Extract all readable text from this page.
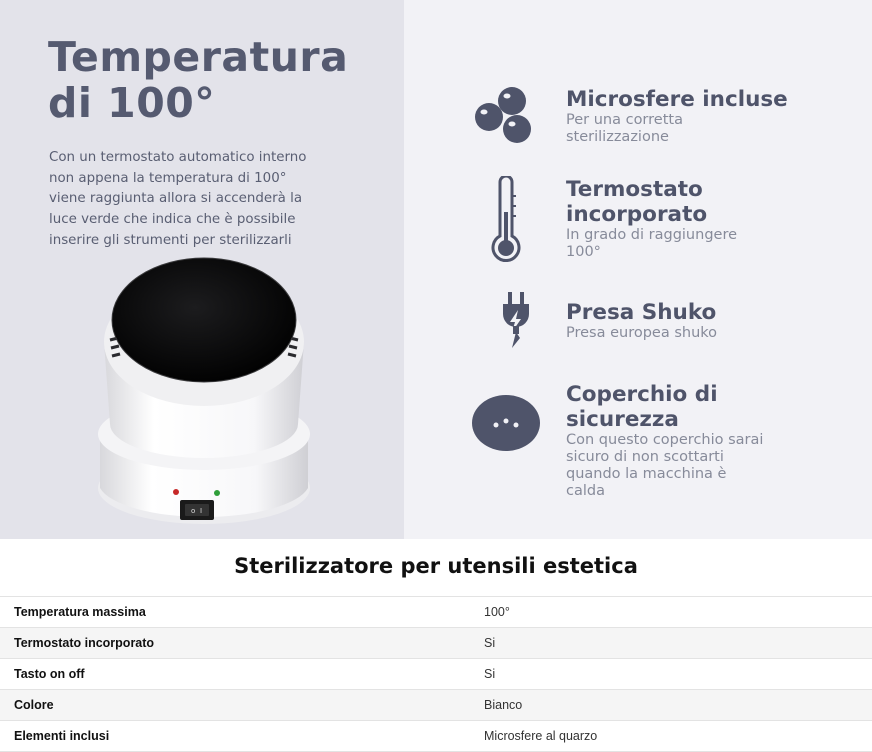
Temperatura
di 100°

Con un termostato automatico interno
non appena la temperatura di 100°
viene raggiunta allora si accenderà la
luce verde che indica che è possibile
inserire gli strumenti per sterilizzarli

o I

Microsfere incluse

Per una corretta
sterilizzazione

Termostato
incorporato

In grado di raggiungere
100°

Presa Shuko

Presa europea shuko

Coperchio di
sicurezza

Con questo coperchio sarai
sicuro di non scottarti
quando la macchina è
calda

Sterilizzatore per utensili estetica
Temperatura massima	100°
Termostato incorporato	Si
Tasto on off	Si
Colore	Bianco
Elementi inclusi	Microsfere al quarzo
